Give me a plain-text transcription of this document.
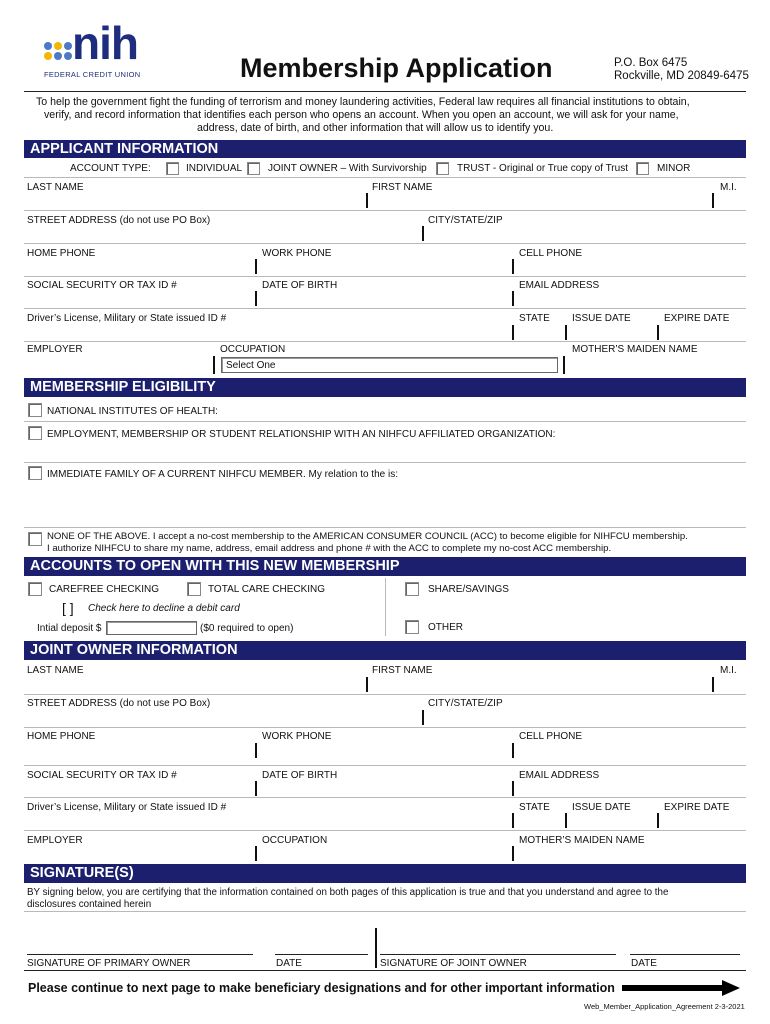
nih
FEDERAL CREDIT UNION	Membership Application	P.O. Box 6475
Rockville, MD 20849-6475
To help the government fight the funding of terrorism and money laundering activities, Federal law requires all financial institutions to obtain,
verify, and record information that identifies each person who opens an account. When you open an account, we will ask for your name,
address, date of birth, and other information that will allow us to identify you.
APPLICANT INFORMATION
ACCOUNT TYPE:	INDIVIDUAL	JOINT OWNER – With Survivorship	TRUST - Original or True copy of Trust	MINOR
LAST NAME	FIRST NAME	M.I.
STREET ADDRESS (do not use PO Box)	CITY/STATE/ZIP
HOME PHONE	WORK PHONE	CELL PHONE
SOCIAL SECURITY OR TAX ID #	DATE OF BIRTH	EMAIL ADDRESS
Driver’s License, Military or State issued ID #	STATE ISSUE DATE	EXPIRE DATE
EMPLOYER	OCCUPATION	MOTHER’S MAIDEN NAME
Select One
MEMBERSHIP ELIGIBILITY
NATIONAL INSTITUTES OF HEALTH:
EMPLOYMENT, MEMBERSHIP OR STUDENT RELATIONSHIP WITH AN NIHFCU AFFILIATED ORGANIZATION:
IMMEDIATE FAMILY OF A CURRENT NIHFCU MEMBER. My relation to the is:
NONE OF THE ABOVE. I accept a no-cost membership to the AMERICAN CONSUMER COUNCIL (ACC) to become eligible for NIHFCU membership.
I authorize NIHFCU to share my name, address, email address and phone # with the ACC to complete my no-cost ACC membership.
ACCOUNTS TO OPEN WITH THIS NEW MEMBERSHIP
CAREFREE CHECKING	TOTAL CARE CHECKING	SHARE/SAVINGS
[ ] Check here to decline a debit card
Intial deposit $	($0 required to open)	OTHER
JOINT OWNER INFORMATION
LAST NAME	FIRST NAME	M.I.
STREET ADDRESS (do not use PO Box)	CITY/STATE/ZIP
HOME PHONE	WORK PHONE	CELL PHONE
SOCIAL SECURITY OR TAX ID #	DATE OF BIRTH	EMAIL ADDRESS
Driver’s License, Military or State issued ID #	STATE ISSUE DATE	EXPIRE DATE
EMPLOYER	OCCUPATION	MOTHER’S MAIDEN NAME
SIGNATURE(S)
BY signing below, you are certifying that the information contained on both pages of this application is true and that you understand and agree to the
disclosures contained herein
SIGNATURE OF PRIMARY OWNER	DATE	SIGNATURE OF JOINT OWNER	DATE
Please continue to next page to make beneficiary designations and for other important information
Web_Member_Application_Agreement 2-3-2021
